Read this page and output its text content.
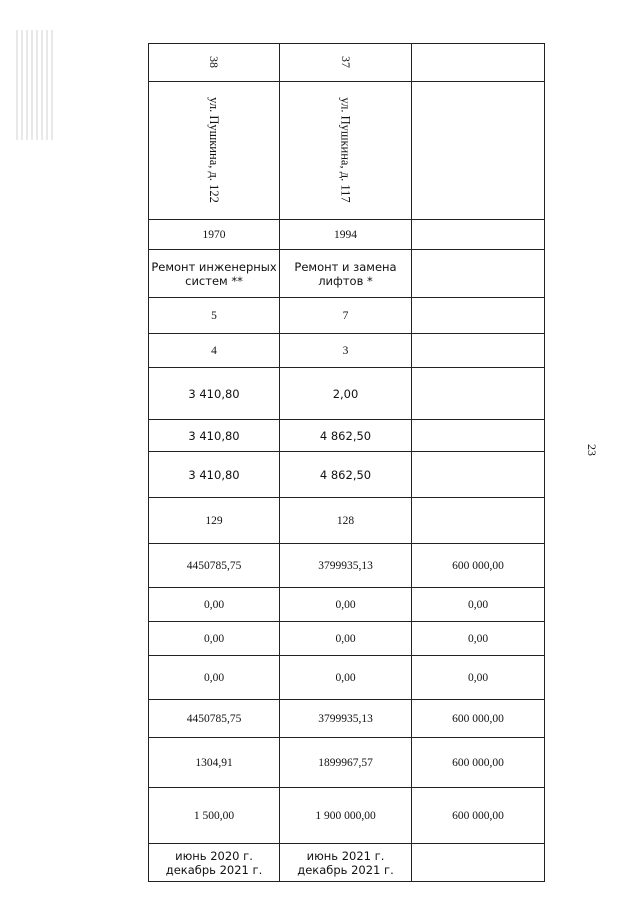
23
38	37	
ул. Пушкина, д. 122	ул. Пушкина, д. 117	
1970	1994	
Ремонт инженерных систем **	Ремонт и замена лифтов *	
5	7	
4	3	
3 410,80	2,00	
3 410,80	4 862,50	
3 410,80	4 862,50	
129	128	
4450785,75	3799935,13	600 000,00
0,00	0,00	0,00
0,00	0,00	0,00
0,00	0,00	0,00
4450785,75	3799935,13	600 000,00
1304,91	1899967,57	600 000,00
1 500,00	1 900 000,00	600 000,00
июнь 2020 г. декабрь 2021 г.	июнь 2021 г. декабрь 2021 г.	
